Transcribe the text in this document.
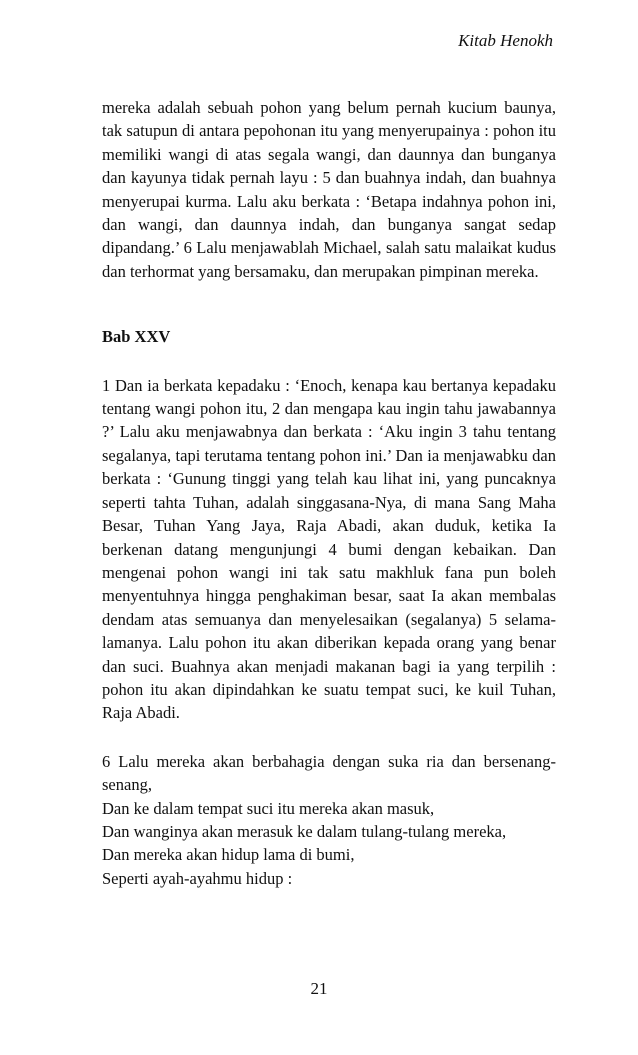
Kitab Henokh

mereka adalah sebuah pohon yang belum pernah kucium baunya, tak satupun di antara pepohonan itu yang menyerupainya : pohon itu memiliki wangi di atas segala wangi, dan daunnya dan bunganya dan kayunya tidak pernah layu : 5 dan buahnya indah, dan buahnya menyerupai kurma. Lalu aku berkata : ‘Betapa indahnya pohon ini, dan wangi, dan daunnya indah, dan bunganya sangat sedap dipandang.’ 6 Lalu menjawablah Michael, salah satu malaikat kudus dan terhormat yang bersamaku, dan merupakan pimpinan mereka.

Bab XXV

1 Dan ia berkata kepadaku : ‘Enoch, kenapa kau bertanya kepadaku tentang wangi pohon itu, 2 dan mengapa kau ingin tahu jawabannya ?’ Lalu aku menjawabnya dan berkata : ‘Aku ingin 3 tahu tentang segalanya, tapi terutama tentang pohon ini.’ Dan ia menjawabku dan berkata : ‘Gunung tinggi yang telah kau lihat ini, yang puncaknya seperti tahta Tuhan, adalah singgasana-Nya, di mana Sang Maha Besar, Tuhan Yang Jaya, Raja Abadi, akan duduk, ketika Ia berkenan datang mengunjungi 4 bumi dengan kebaikan. Dan mengenai pohon wangi ini tak satu makhluk fana pun boleh menyentuhnya hingga penghakiman besar, saat Ia akan membalas dendam atas semuanya dan menyelesaikan (segalanya) 5 selama-lamanya. Lalu pohon itu akan diberikan kepada orang yang benar dan suci. Buahnya akan menjadi makanan bagi ia yang terpilih : pohon itu akan dipindahkan ke suatu tempat suci, ke kuil Tuhan, Raja Abadi.

6 Lalu mereka akan berbahagia dengan suka ria dan bersenang-senang,

Dan ke dalam tempat suci itu mereka akan masuk,

Dan wanginya akan merasuk ke dalam tulang-tulang mereka,

Dan mereka akan hidup lama di bumi,

Seperti ayah-ayahmu hidup :

21
